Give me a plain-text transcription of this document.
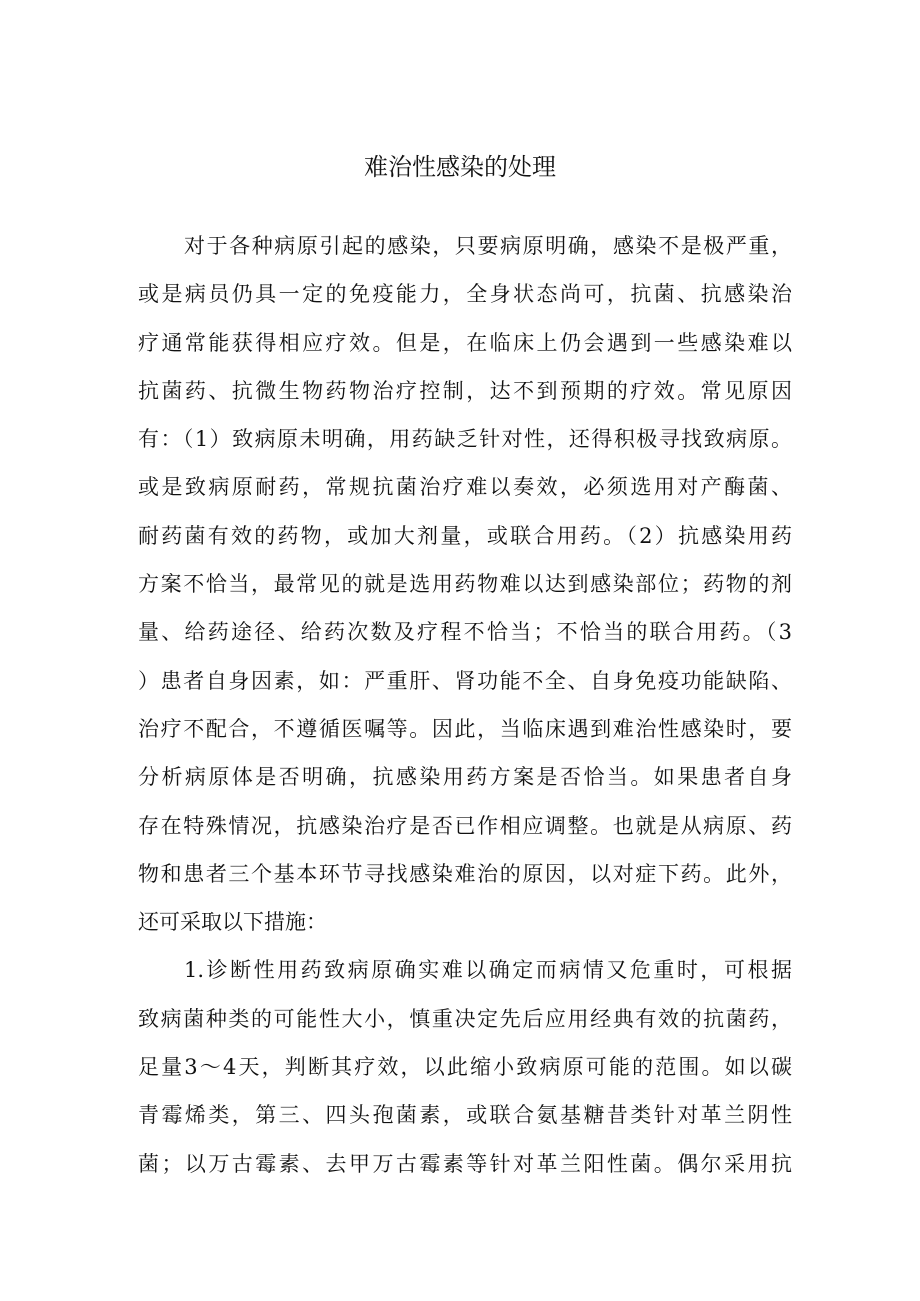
难治性感染的处理

对于各种病原引起的感染，只要病原明确，感染不是极严重，
或是病员仍具一定的免疫能力，全身状态尚可，抗菌、抗感染治
疗通常能获得相应疗效。但是，在临床上仍会遇到一些感染难以
抗菌药、抗微生物药物治疗控制，达不到预期的疗效。常见原因
有：（1）致病原未明确，用药缺乏针对性，还得积极寻找致病原。
或是致病原耐药，常规抗菌治疗难以奏效，必须选用对产酶菌、
耐药菌有效的药物，或加大剂量，或联合用药。（2）抗感染用药
方案不恰当，最常见的就是选用药物难以达到感染部位；药物的剂
量、给药途径、给药次数及疗程不恰当；不恰当的联合用药。（3
）患者自身因素，如：严重肝、肾功能不全、自身免疫功能缺陷、
治疗不配合，不遵循医嘱等。因此，当临床遇到难治性感染时，要
分析病原体是否明确，抗感染用药方案是否恰当。如果患者自身
存在特殊情况，抗感染治疗是否已作相应调整。也就是从病原、药
物和患者三个基本环节寻找感染难治的原因，以对症下药。此外，
还可采取以下措施：

1.诊断性用药致病原确实难以确定而病情又危重时，可根据
致病菌种类的可能性大小，慎重决定先后应用经典有效的抗菌药，
足量3～4天，判断其疗效，以此缩小致病原可能的范围。如以碳
青霉烯类，第三、四头孢菌素，或联合氨基糖昔类针对革兰阴性
菌；以万古霉素、去甲万古霉素等针对革兰阳性菌。偶尔采用抗
